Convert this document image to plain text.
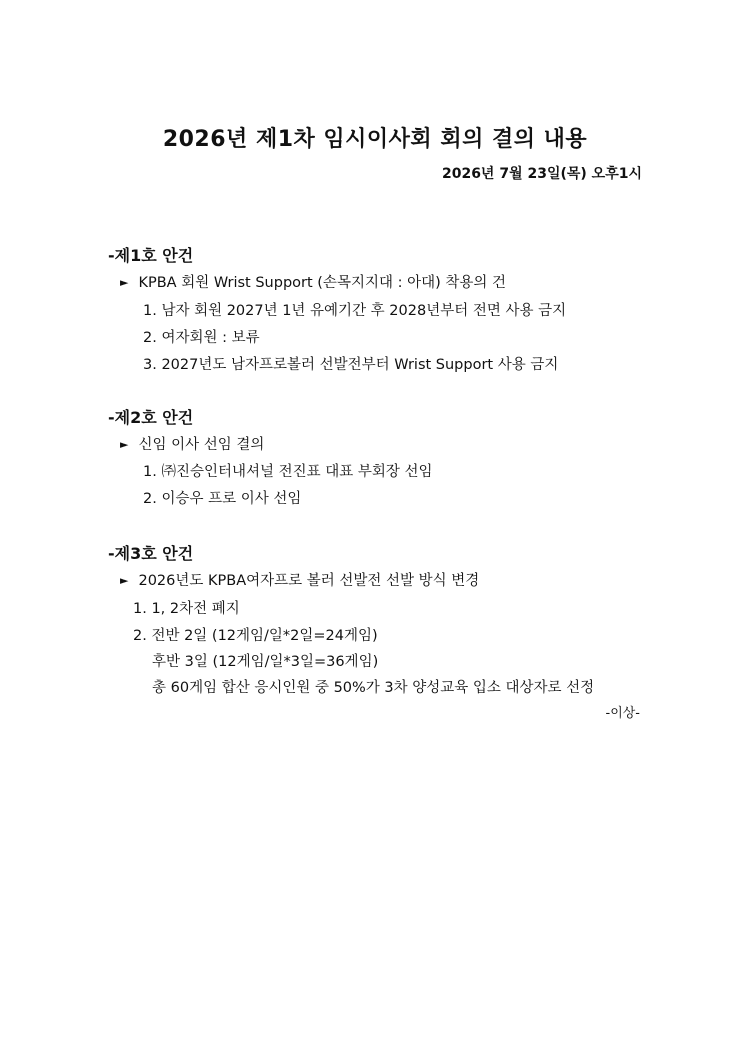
2026년 제1차 임시이사회 회의 결의 내용
2026년 7월 23일(목) 오후1시
-제1호 안건
► KPBA 회원 Wrist Support (손목지지대 : 아대) 착용의 건
1. 남자 회원 2027년 1년 유예기간 후 2028년부터 전면 사용 금지
2. 여자회원 : 보류
3. 2027년도 남자프로볼러 선발전부터 Wrist Support 사용 금지
-제2호 안건
► 신임 이사 선임 결의
1. ㈜진승인터내셔널 전진표 대표 부회장 선임
2. 이승우 프로 이사 선임
-제3호 안건
► 2026년도 KPBA여자프로 볼러 선발전 선발 방식 변경
1. 1, 2차전 폐지
2. 전반 2일 (12게임/일*2일=24게임)
후반 3일 (12게임/일*3일=36게임)
총 60게임 합산 응시인원 중 50%가 3차 양성교육 입소 대상자로 선정
-이상-
